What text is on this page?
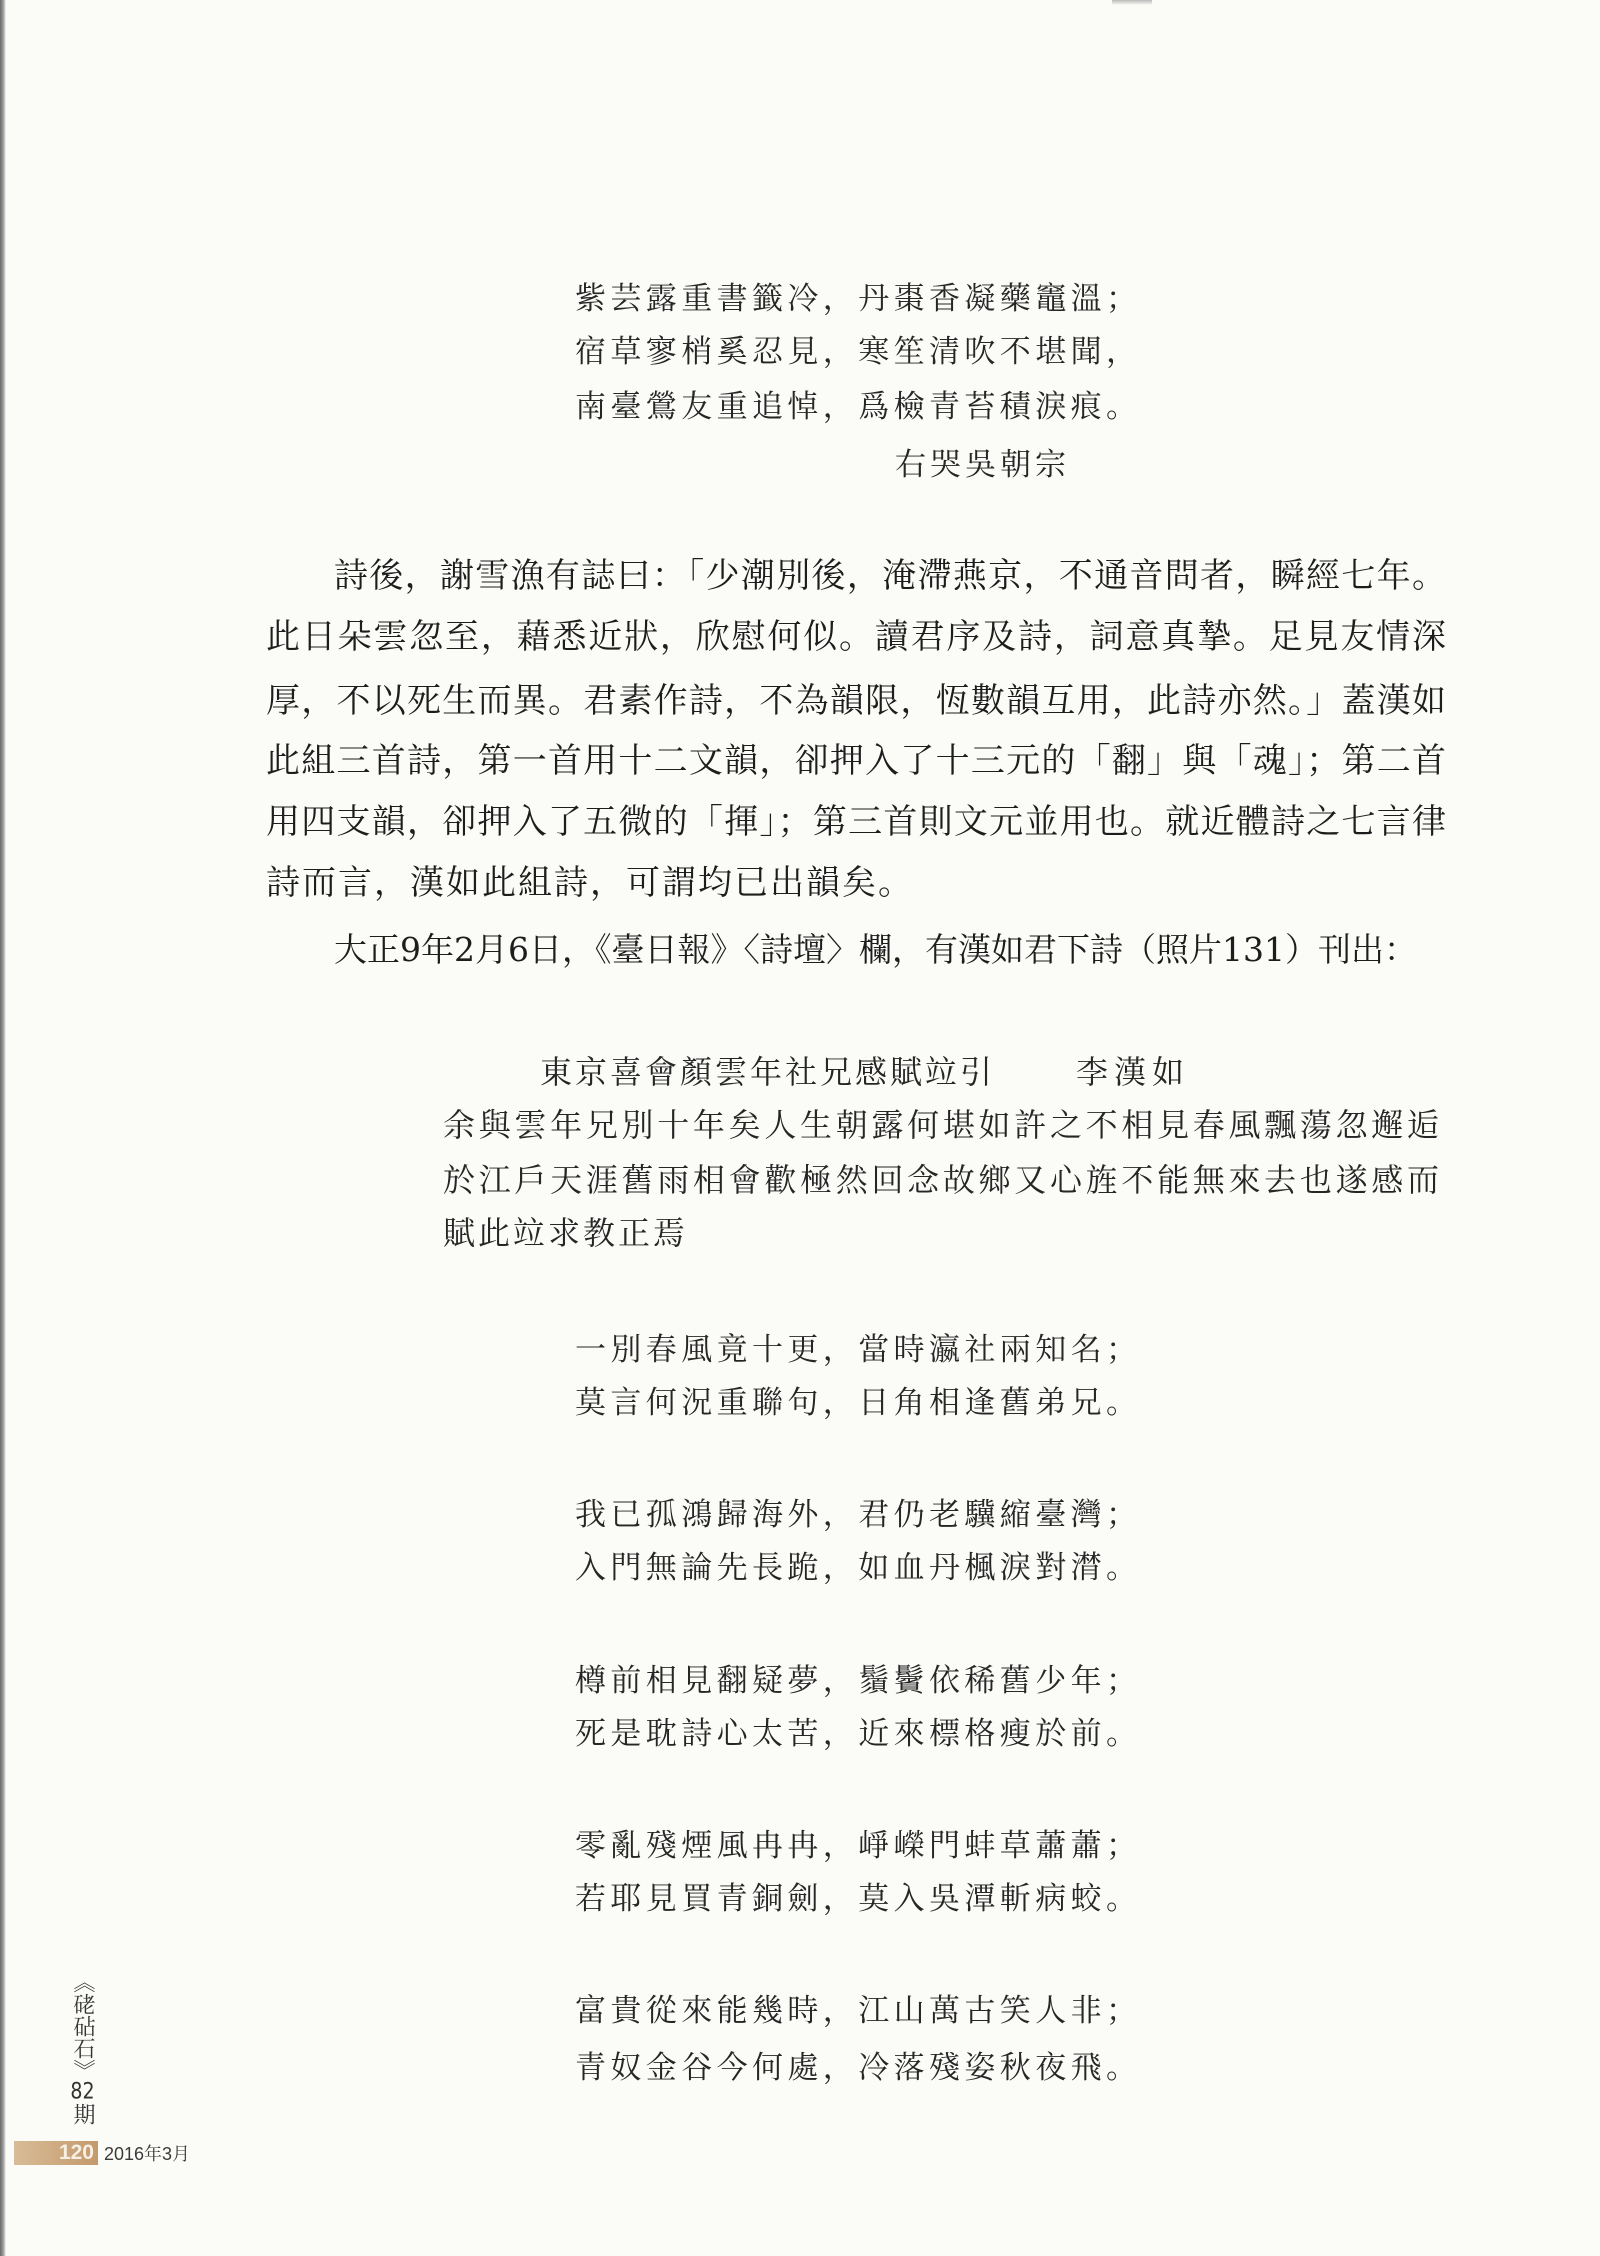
紫芸露重書籤冷，丹棗香凝藥竈溫；

宿草寥梢奚忍見，寒笙清吹不堪聞，

南臺鶯友重追悼，爲檢青苔積淚痕。

右哭吳朝宗

詩後，謝雪漁有誌曰：「少潮別後，淹滯燕京，不通音問者，瞬經七年。

此日朵雲忽至，藉悉近狀，欣慰何似。讀君序及詩，詞意真摯。足見友情深

厚，不以死生而異。君素作詩，不為韻限，恆數韻互用，此詩亦然。」蓋漢如

此組三首詩，第一首用十二文韻，卻押入了十三元的「翻」與「魂」；第二首

用四支韻，卻押入了五微的「揮」；第三首則文元並用也。就近體詩之七言律

詩而言，漢如此組詩，可謂均已出韻矣。

大正9年2月6日，《臺日報》〈詩壇〉欄，有漢如君下詩（照片131）刊出：

東京喜會顏雲年社兄感賦竝引	李漢如

余與雲年兄別十年矣人生朝露何堪如許之不相見春風飄蕩忽邂逅

於江戶天涯舊雨相會歡極然回念故鄉又心旌不能無來去也遂感而

賦此竝求教正焉

一別春風竟十更，當時瀛社兩知名；

莫言何況重聯句，日角相逢舊弟兄。

我已孤鴻歸海外，君仍老驥縮臺灣；

入門無論先長跪，如血丹楓淚對潸。

樽前相見翻疑夢，鬚鬢依稀舊少年；

死是耽詩心太苦，近來標格瘦於前。

零亂殘煙風冉冉，崢嶸門蚌草蕭蕭；

若耶見買青銅劍，莫入吳潭斬病蛟。

富貴從來能幾時，江山萬古笑人非；

青奴金谷今何處，冷落殘姿秋夜飛。

《硓砧石》82期
120 2016年3月
